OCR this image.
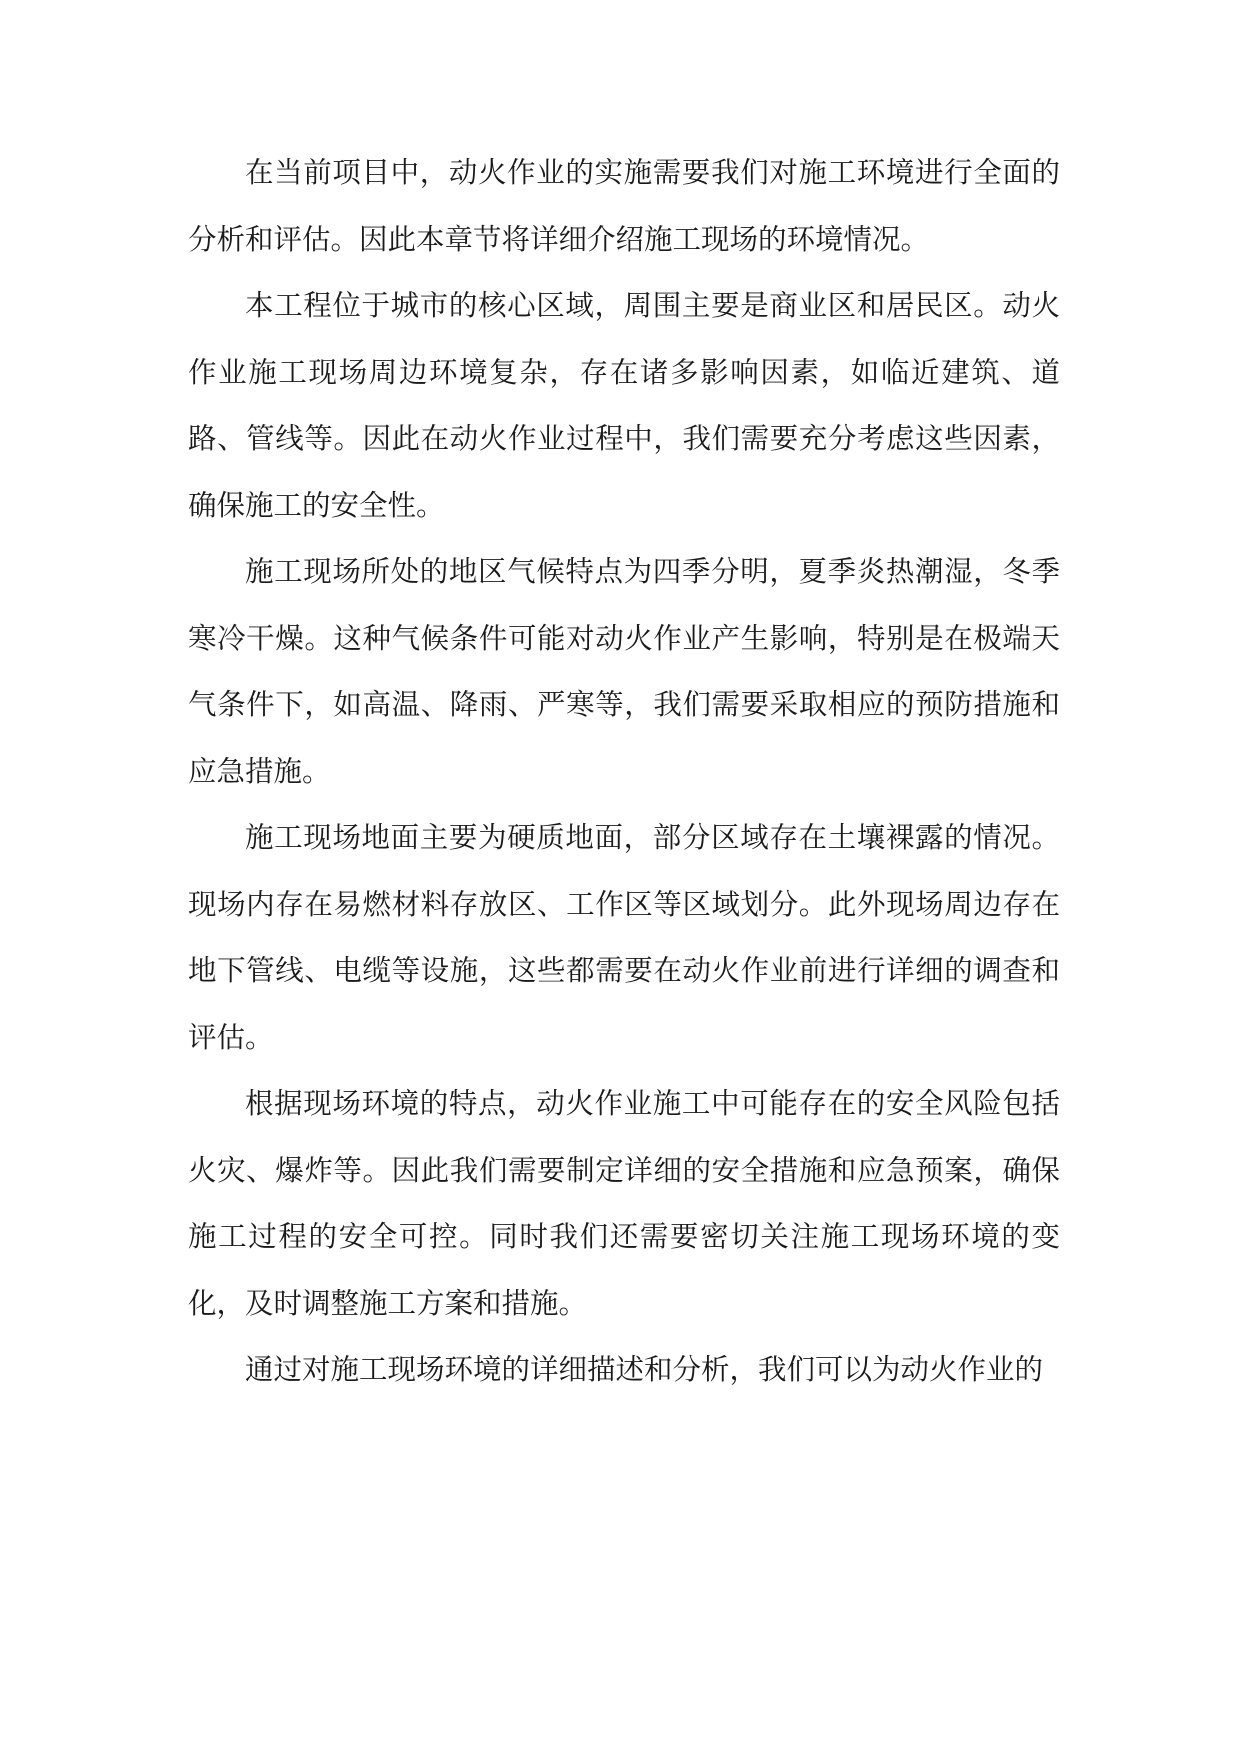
在当前项目中，动火作业的实施需要我们对施工环境进行全面的分析和评估。因此本章节将详细介绍施工现场的环境情况。

本工程位于城市的核心区域，周围主要是商业区和居民区。动火作业施工现场周边环境复杂，存在诸多影响因素，如临近建筑、道路、管线等。因此在动火作业过程中，我们需要充分考虑这些因素，确保施工的安全性。

施工现场所处的地区气候特点为四季分明，夏季炎热潮湿，冬季寒冷干燥。这种气候条件可能对动火作业产生影响，特别是在极端天气条件下，如高温、降雨、严寒等，我们需要采取相应的预防措施和应急措施。

施工现场地面主要为硬质地面，部分区域存在土壤裸露的情况。现场内存在易燃材料存放区、工作区等区域划分。此外现场周边存在地下管线、电缆等设施，这些都需要在动火作业前进行详细的调查和评估。

根据现场环境的特点，动火作业施工中可能存在的安全风险包括火灾、爆炸等。因此我们需要制定详细的安全措施和应急预案，确保施工过程的安全可控。同时我们还需要密切关注施工现场环境的变化，及时调整施工方案和措施。

通过对施工现场环境的详细描述和分析，我们可以为动火作业的
